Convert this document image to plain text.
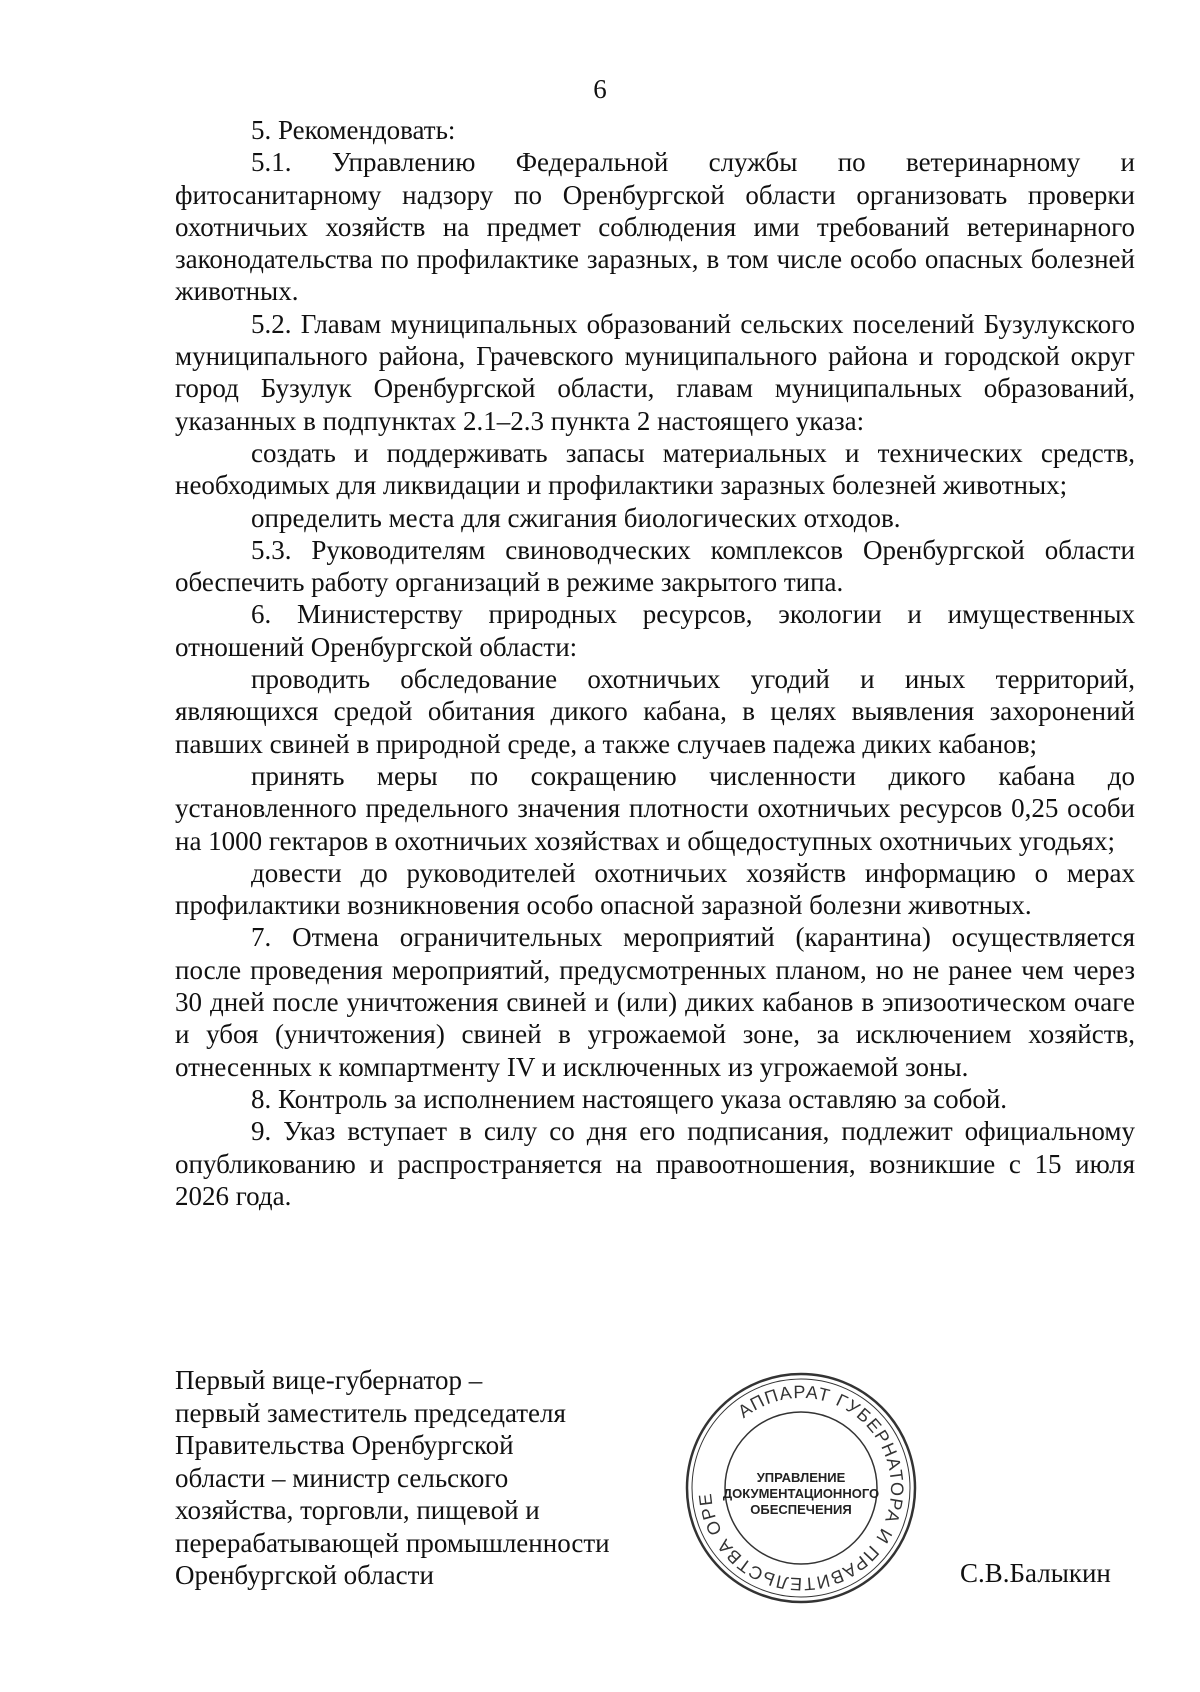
6

5. Рекомендовать:

5.1. Управлению Федеральной службы по ветеринарному и фитосанитарному надзору по Оренбургской области организовать проверки охотничьих хозяйств на предмет соблюдения ими требований ветеринарного законодательства по профилактике заразных, в том числе особо опасных болезней животных.

5.2. Главам муниципальных образований сельских поселений Бузулукского муниципального района, Грачевского муниципального района и городской округ город Бузулук Оренбургской области, главам муниципальных образований, указанных в подпунктах 2.1–2.3 пункта 2 настоящего указа:

создать и поддерживать запасы материальных и технических средств, необходимых для ликвидации и профилактики заразных болезней животных;

определить места для сжигания биологических отходов.

5.3. Руководителям свиноводческих комплексов Оренбургской области обеспечить работу организаций в режиме закрытого типа.

6. Министерству природных ресурсов, экологии и имущественных отношений Оренбургской области:

проводить обследование охотничьих угодий и иных территорий, являющихся средой обитания дикого кабана, в целях выявления захоронений павших свиней в природной среде, а также случаев падежа диких кабанов;

принять меры по сокращению численности дикого кабана до установленного предельного значения плотности охотничьих ресурсов 0,25 особи на 1000 гектаров в охотничьих хозяйствах и общедоступных охотничьих угодьях;

довести до руководителей охотничьих хозяйств информацию о мерах профилактики возникновения особо опасной заразной болезни животных.

7. Отмена ограничительных мероприятий (карантина) осуществляется после проведения мероприятий, предусмотренных планом, но не ранее чем через 30 дней после уничтожения свиней и (или) диких кабанов в эпизоотическом очаге и убоя (уничтожения) свиней в угрожаемой зоне, за исключением хозяйств, отнесенных к компартменту IV и исключенных из угрожаемой зоны.

8. Контроль за исполнением настоящего указа оставляю за собой.

9. Указ вступает в силу со дня его подписания, подлежит официальному опубликованию и распространяется на правоотношения, возникшие с 15 июля 2026 года.

Первый вице-губернатор –
первый заместитель председателя
Правительства Оренбургской
области – министр сельского
хозяйства, торговли, пищевой и
перерабатывающей промышленности
Оренбургской области
АППАРАТ ГУБЕРНАТОРА И ПРАВИТЕЛЬСТВА ОРЕ
УПРАВЛЕНИЕ
ДОКУМЕНТАЦИОННОГО
ОБЕСПЕЧЕНИЯ
С.В.Балыкин
